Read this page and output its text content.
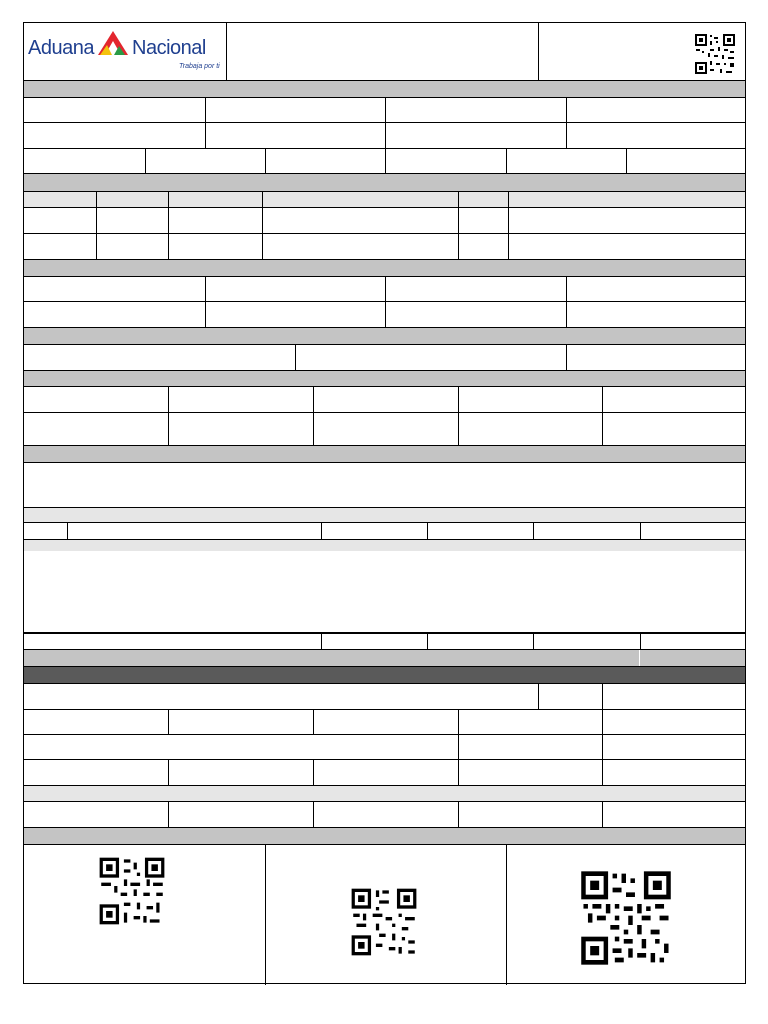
Aduana Nacional
Trabaja por ti
